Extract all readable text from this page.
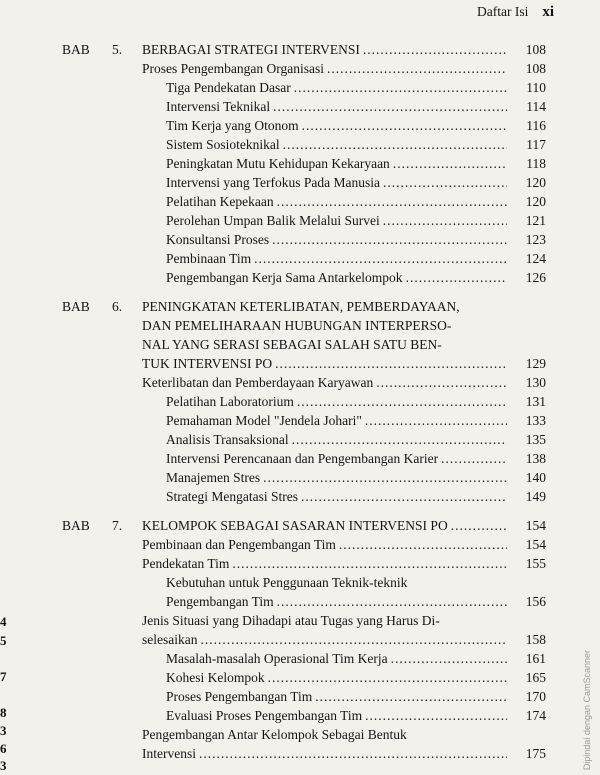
Daftar Isi xi
BAB 5. BERBAGAI STRATEGI INTERVENSI .....	108
Proses Pengembangan Organisasi .....	108
Tiga Pendekatan Dasar .....	110
Intervensi Teknikal .....	114
Tim Kerja yang Otonom .....	116
Sistem Sosioteknikal .....	117
Peningkatan Mutu Kehidupan Kekaryaan .....	118
Intervensi yang Terfokus Pada Manusia .....	120
Pelatihan Kepekaan .....	120
Perolehan Umpan Balik Melalui Survei .....	121
Konsultansi Proses .....	123
Pembinaan Tim .....	124
Pengembangan Kerja Sama Antarkelompok .....	126
BAB 6. PENINGKATAN KETERLIBATAN, PEMBERDAYAAN,
DAN PEMELIHARAAN HUBUNGAN INTERPERSO-
NAL YANG SERASI SEBAGAI SALAH SATU BEN-
TUK INTERVENSI PO .....	129
Keterlibatan dan Pemberdayaan Karyawan .....	130
Pelatihan Laboratorium .....	131
Pemahaman Model "Jendela Johari" .....	133
Analisis Transaksional .....	135
Intervensi Perencanaan dan Pengembangan Karier .....	138
Manajemen Stres .....	140
Strategi Mengatasi Stres .....	149
BAB 7. KELOMPOK SEBAGAI SASARAN INTERVENSI PO .....	154
Pembinaan dan Pengembangan Tim .....	154
Pendekatan Tim .....	155
Kebutuhan untuk Penggunaan Teknik-teknik
Pengembangan Tim .....	156
Jenis Situasi yang Dihadapi atau Tugas yang Harus Di-
selesaikan .....	158
Masalah-masalah Operasional Tim Kerja .....	161
Kohesi Kelompok .....	165
Proses Pengembangan Tim .....	170
Evaluasi Proses Pengembangan Tim .....	174
Pengembangan Antar Kelompok Sebagai Bentuk
Intervensi .....	175	Dipindai dengan CamScanner
4
5
7
8
3
6
3
